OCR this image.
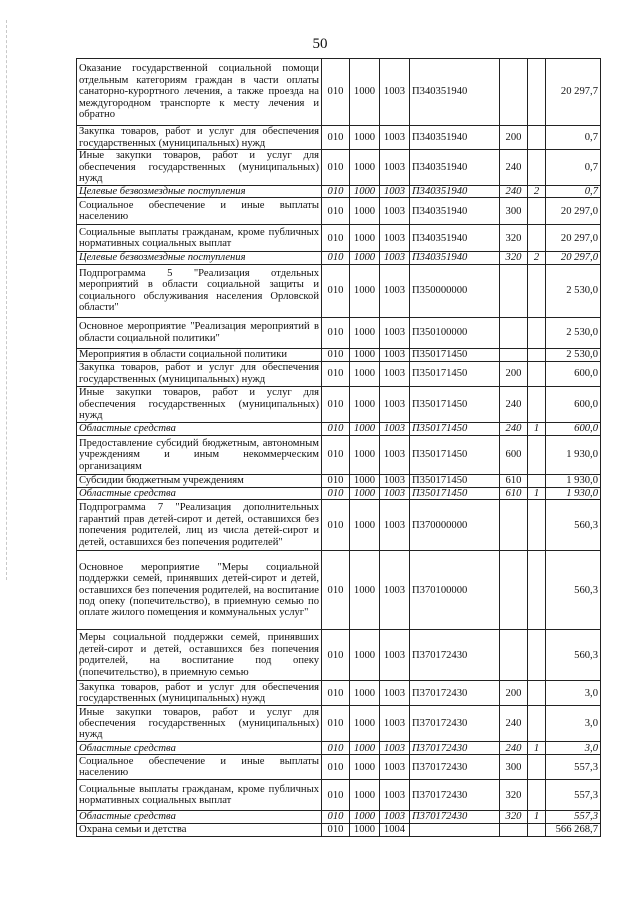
50
Оказание государственной социальной помощи отдельным категориям граждан в части оплаты санаторно-курортного лечения, а также проезда на междугородном транспорте к месту лечения и обратно	010	1000	1003	П340351940			20 297,7
Закупка товаров, работ и услуг для обеспечения государственных (муниципальных) нужд	010	1000	1003	П340351940	200		0,7
Иные закупки товаров, работ и услуг для обеспечения государственных (муниципальных) нужд	010	1000	1003	П340351940	240		0,7
Целевые безвозмездные поступления	010	1000	1003	П340351940	240	2	0,7
Социальное обеспечение и иные выплаты населению	010	1000	1003	П340351940	300		20 297,0
Социальные выплаты гражданам, кроме публичных нормативных социальных выплат	010	1000	1003	П340351940	320		20 297,0
Целевые безвозмездные поступления	010	1000	1003	П340351940	320	2	20 297,0
Подпрограмма 5 "Реализация отдельных мероприятий в области социальной защиты и социального обслуживания населения Орловской области"	010	1000	1003	П350000000			2 530,0
Основное мероприятие "Реализация мероприятий в области социальной политики"	010	1000	1003	П350100000			2 530,0
Мероприятия в области социальной политики	010	1000	1003	П350171450			2 530,0
Закупка товаров, работ и услуг для обеспечения государственных (муниципальных) нужд	010	1000	1003	П350171450	200		600,0
Иные закупки товаров, работ и услуг для обеспечения государственных (муниципальных) нужд	010	1000	1003	П350171450	240		600,0
Областные средства	010	1000	1003	П350171450	240	1	600,0
Предоставление субсидий бюджетным, автономным учреждениям и иным некоммерческим организациям	010	1000	1003	П350171450	600		1 930,0
Субсидии бюджетным учреждениям	010	1000	1003	П350171450	610		1 930,0
Областные средства	010	1000	1003	П350171450	610	1	1 930,0
Подпрограмма 7 "Реализация дополнительных гарантий прав детей-сирот и детей, оставшихся без попечения родителей, лиц из числа детей-сирот и детей, оставшихся без попечения родителей"	010	1000	1003	П370000000			560,3
Основное мероприятие "Меры социальной поддержки семей, принявших детей-сирот и детей, оставшихся без попечения родителей, на воспитание под опеку (попечительство), в приемную семью по оплате жилого помещения и коммунальных услуг"	010	1000	1003	П370100000			560,3
Меры социальной поддержки семей, принявших детей-сирот и детей, оставшихся без попечения родителей, на воспитание под опеку (попечительство), в приемную семью	010	1000	1003	П370172430			560,3
Закупка товаров, работ и услуг для обеспечения государственных (муниципальных) нужд	010	1000	1003	П370172430	200		3,0
Иные закупки товаров, работ и услуг для обеспечения государственных (муниципальных) нужд	010	1000	1003	П370172430	240		3,0
Областные средства	010	1000	1003	П370172430	240	1	3,0
Социальное обеспечение и иные выплаты населению	010	1000	1003	П370172430	300		557,3
Социальные выплаты гражданам, кроме публичных нормативных социальных выплат	010	1000	1003	П370172430	320		557,3
Областные средства	010	1000	1003	П370172430	320	1	557,3
Охрана семьи и детства	010	1000	1004				566 268,7
